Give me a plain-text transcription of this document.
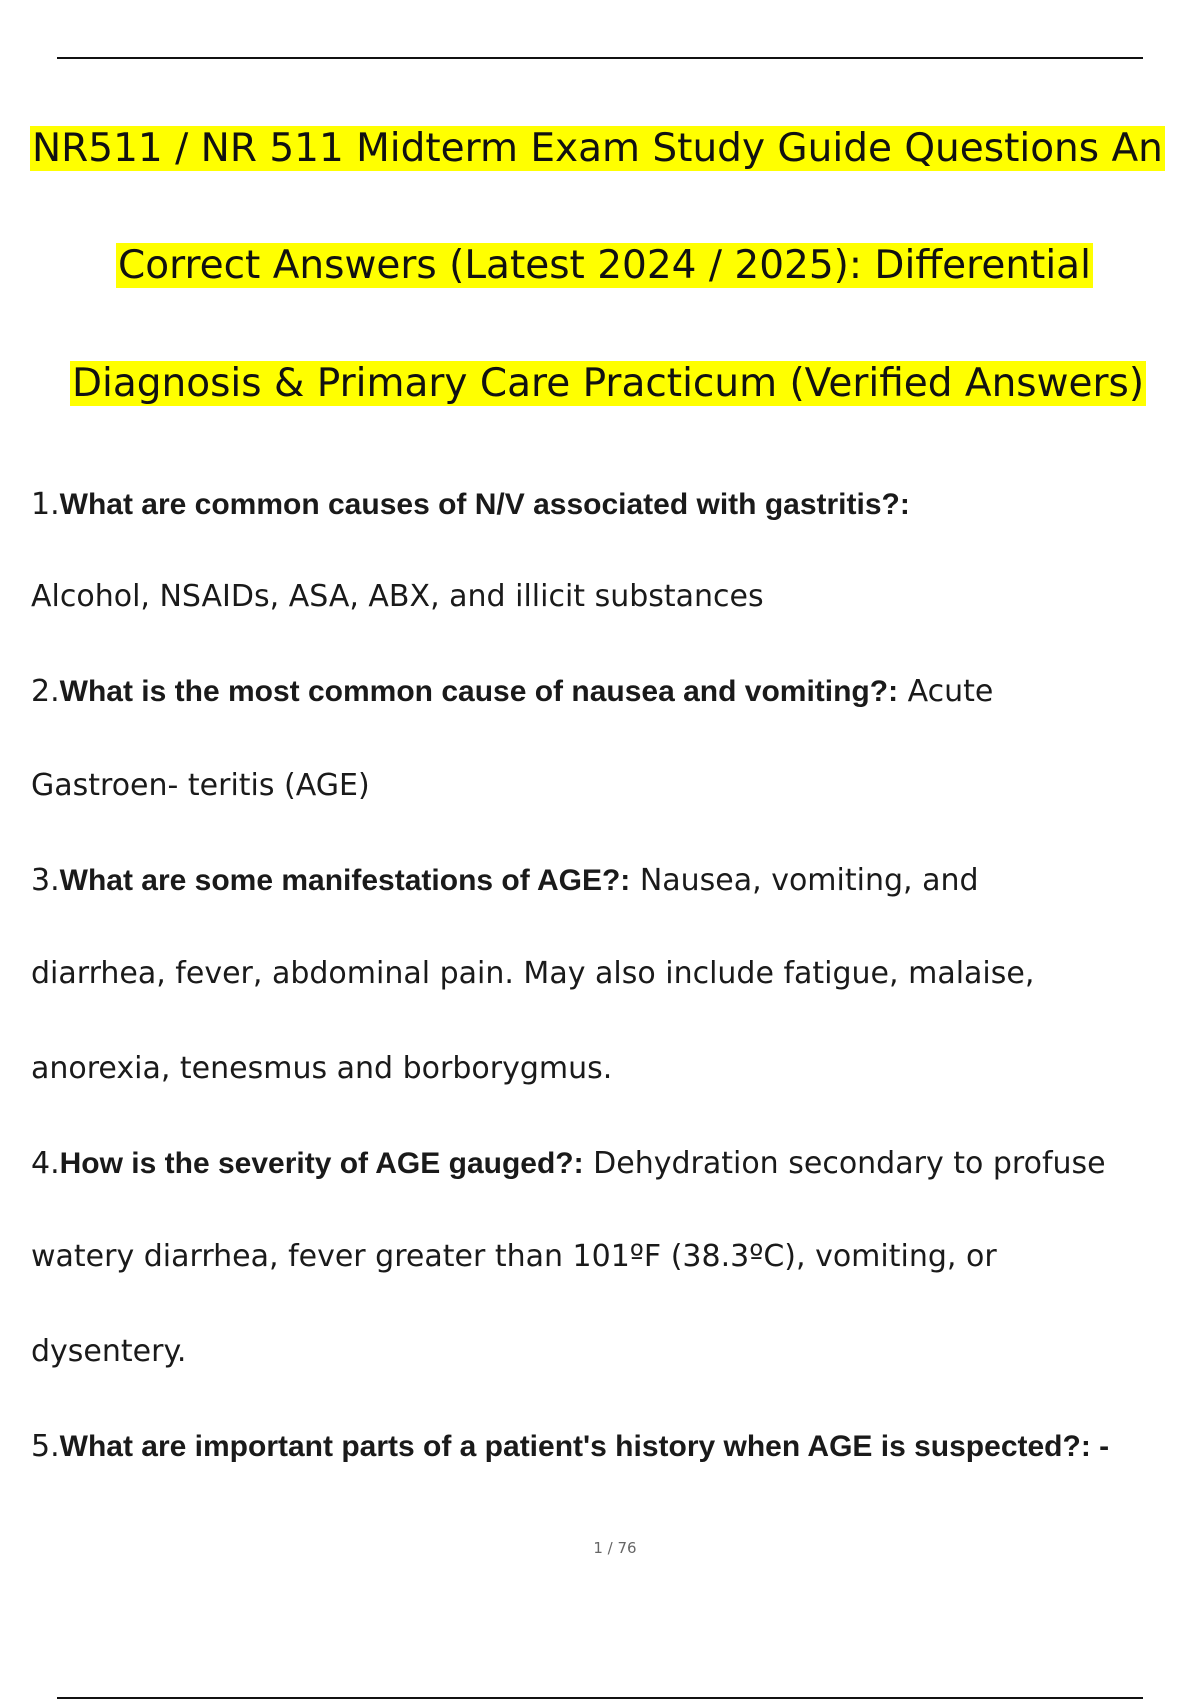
NR511 / NR 511 Midterm Exam Study Guide Questions An
Correct Answers (Latest 2024 / 2025): Differential
Diagnosis & Primary Care Practicum (Verified Answers)
1.What are common causes of N/V associated with gastritis?:
Alcohol, NSAIDs, ASA, ABX, and illicit substances
2.What is the most common cause of nausea and vomiting?: Acute
Gastroen- teritis (AGE)
3.What are some manifestations of AGE?: Nausea, vomiting, and
diarrhea, fever, abdominal pain. May also include fatigue, malaise,
anorexia, tenesmus and borborygmus.
4.How is the severity of AGE gauged?: Dehydration secondary to profuse
watery diarrhea, fever greater than 101ºF (38.3ºC), vomiting, or
dysentery.
5.What are important parts of a patient's history when AGE is suspected?: -
1 / 76
